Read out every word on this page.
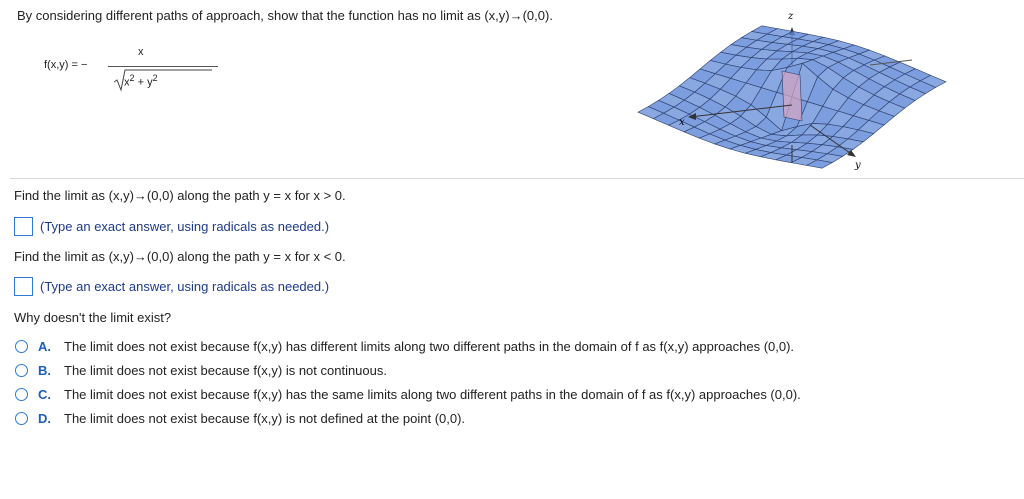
By considering different paths of approach, show that the function has no limit as (x,y)→(0,0).
f(x,y) = −
x
$x^2 + y^2$
z
x
y
Find the limit as (x,y)→(0,0) along the path y = x for x > 0.
(Type an exact answer, using radicals as needed.)
Find the limit as (x,y)→(0,0) along the path y = x for x < 0.
(Type an exact answer, using radicals as needed.)
Why doesn't the limit exist?
A. The limit does not exist because f(x,y) has different limits along two different paths in the domain of f as f(x,y) approaches (0,0).
B. The limit does not exist because f(x,y) is not continuous.
C. The limit does not exist because f(x,y) has the same limits along two different paths in the domain of f as f(x,y) approaches (0,0).
D. The limit does not exist because f(x,y) is not defined at the point (0,0).
